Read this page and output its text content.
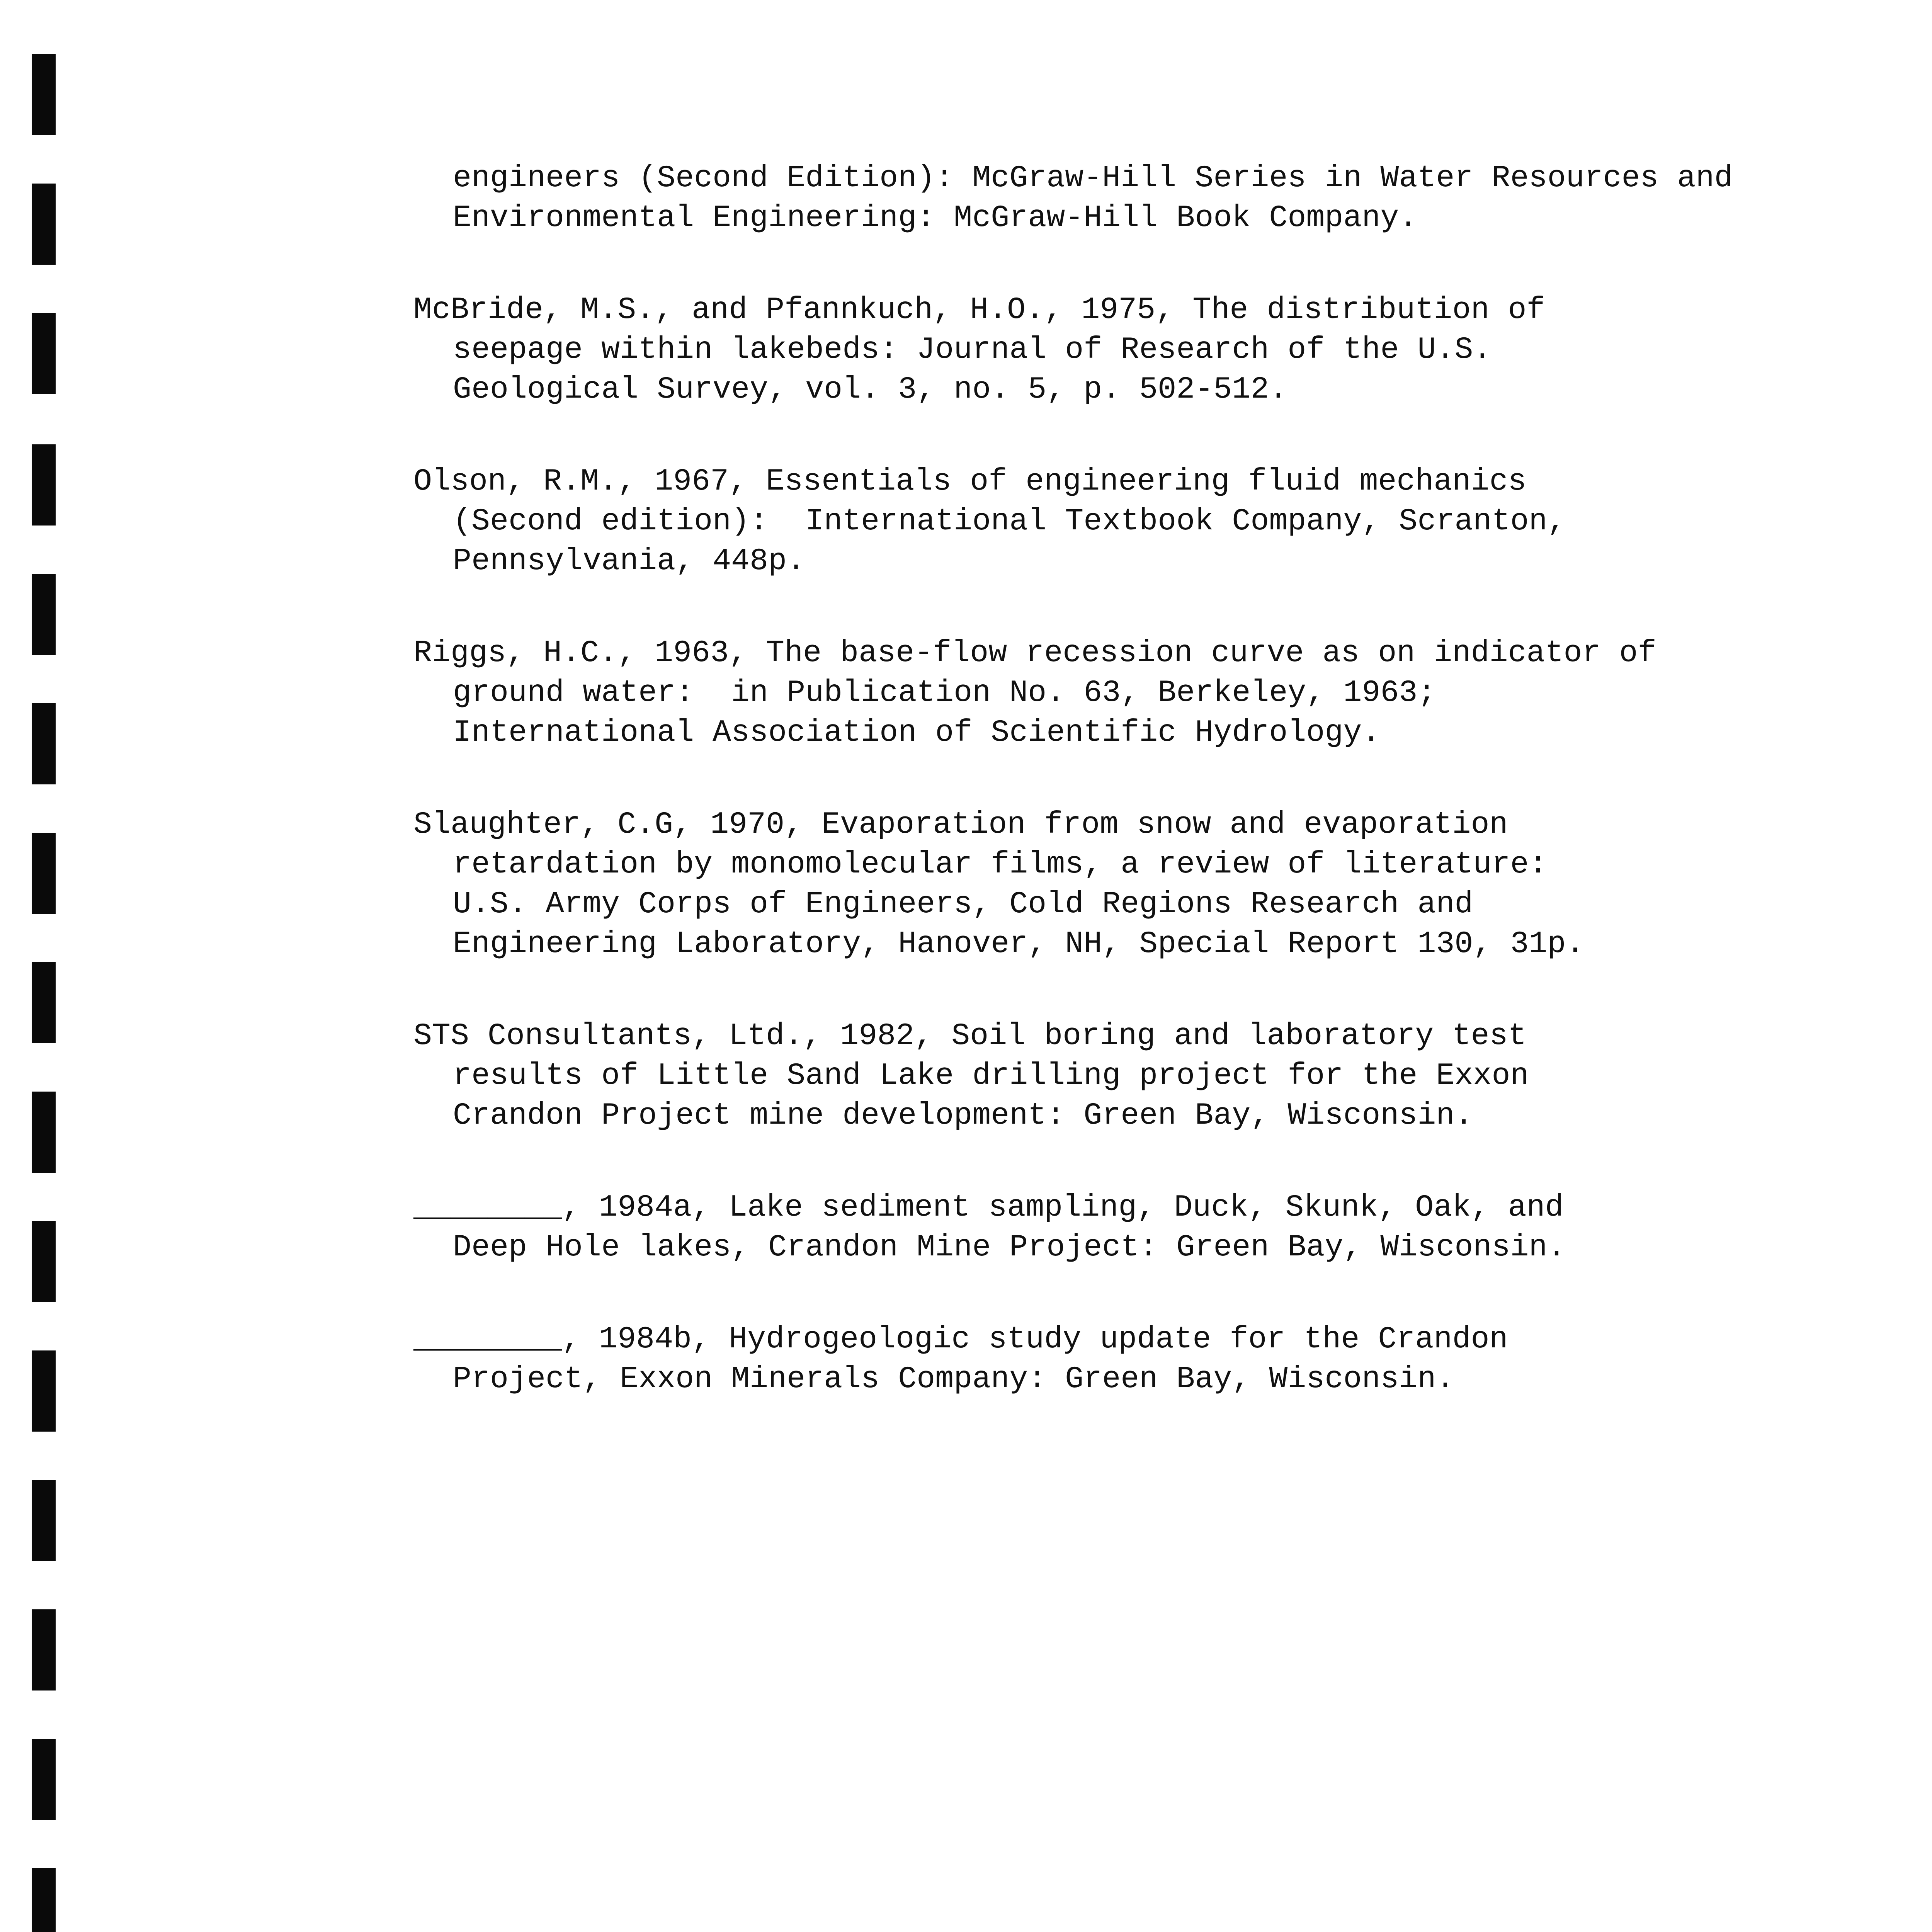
engineers (Second Edition): McGraw-Hill Series in Water Resources and
Environmental Engineering: McGraw-Hill Book Company.
McBride, M.S., and Pfannkuch, H.O., 1975, The distribution of
seepage within lakebeds: Journal of Research of the U.S.
Geological Survey, vol. 3, no. 5, p. 502-512.
Olson, R.M., 1967, Essentials of engineering fluid mechanics
(Second edition):  International Textbook Company, Scranton,
Pennsylvania, 448p.
Riggs, H.C., 1963, The base-flow recession curve as on indicator of
ground water:  in Publication No. 63, Berkeley, 1963;
International Association of Scientific Hydrology.
Slaughter, C.G, 1970, Evaporation from snow and evaporation
retardation by monomolecular films, a review of literature:
U.S. Army Corps of Engineers, Cold Regions Research and
Engineering Laboratory, Hanover, NH, Special Report 130, 31p.
STS Consultants, Ltd., 1982, Soil boring and laboratory test
results of Little Sand Lake drilling project for the Exxon
Crandon Project mine development: Green Bay, Wisconsin.
________, 1984a, Lake sediment sampling, Duck, Skunk, Oak, and
Deep Hole lakes, Crandon Mine Project: Green Bay, Wisconsin.
________, 1984b, Hydrogeologic study update for the Crandon
Project, Exxon Minerals Company: Green Bay, Wisconsin.
